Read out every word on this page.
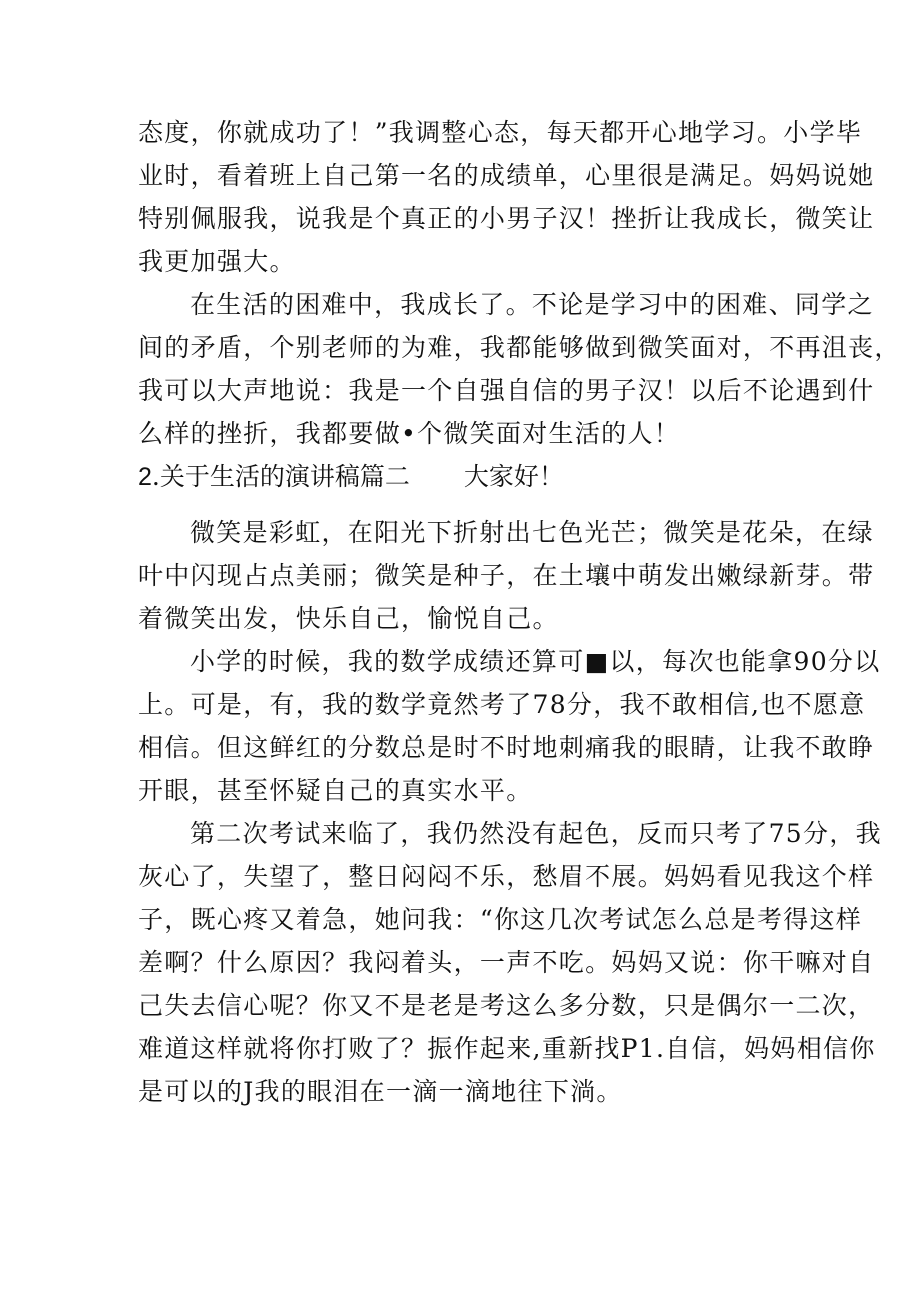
态度，你就成功了！”我调整心态，每天都开心地学习。小学毕
业时，看着班上自己第一名的成绩单，心里很是满足。妈妈说她
特别佩服我，说我是个真正的小男子汉！挫折让我成长，微笑让
我更加强大。
在生活的困难中，我成长了。不论是学习中的困难、同学之
间的矛盾，个别老师的为难，我都能够做到微笑面对，不再沮丧，
我可以大声地说：我是一个自强自信的男子汉！以后不论遇到什
么样的挫折，我都要做•个微笑面对生活的人！
2.关于生活的演讲稿篇二 大家好！
微笑是彩虹，在阳光下折射出七色光芒；微笑是花朵，在绿
叶中闪现占点美丽；微笑是种子，在土壤中萌发出嫩绿新芽。带
着微笑出发，快乐自己，愉悦自己。
小学的时候，我的数学成绩还算可■以，每次也能拿90分以
上。可是，有，我的数学竟然考了78分，我不敢相信,也不愿意
相信。但这鲜红的分数总是时不时地刺痛我的眼睛，让我不敢睁
开眼，甚至怀疑自己的真实水平。
第二次考试来临了，我仍然没有起色，反而只考了75分，我
灰心了，失望了，整日闷闷不乐，愁眉不展。妈妈看见我这个样
子，既心疼又着急，她问我：“你这几次考试怎么总是考得这样
差啊？什么原因？我闷着头，一声不吃。妈妈又说：你干嘛对自
己失去信心呢？你又不是老是考这么多分数，只是偶尔一二次，
难道这样就将你打败了？振作起来,重新找P1.自信，妈妈相信你
是可以的J我的眼泪在一滴一滴地往下淌。
